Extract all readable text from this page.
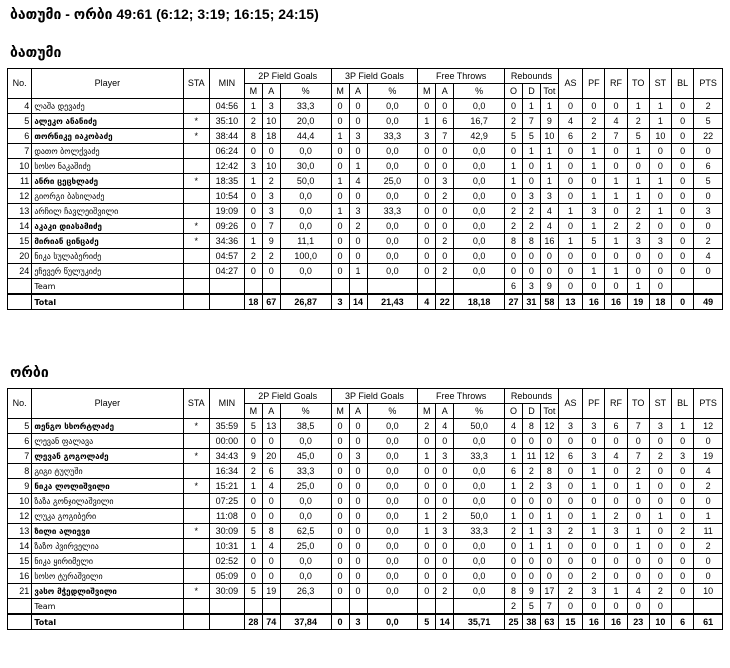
ბათუმი - ორბი 49:61 (6:12; 3:19; 16:15; 24:15)
ბათუმი
No.	Player	STA	MIN	2P Field Goals			3P Field Goals			Free Throws			Rebounds			AS	PF	RF	TO	ST	BL	PTS
				M	A	%	M	A	%	M	A	%	O	D	Tot							
4	ლაშა დევაძე		04:56	1	3	33,3	0	0	0,0	0	0	0,0	0	1	1	0	0	0	1	1	0	2
5	ალეკო ანანიძე	*	35:10	2	10	20,0	0	0	0,0	1	6	16,7	2	7	9	4	2	4	2	1	0	5
6	თორნიკე იაკობაძე	*	38:44	8	18	44,4	1	3	33,3	3	7	42,9	5	5	10	6	2	7	5	10	0	22
7	დათო ბოლქვაძე		06:24	0	0	0,0	0	0	0,0	0	0	0,0	0	1	1	0	1	0	1	0	0	0
10	სოსო ნაკაშიძე		12:42	3	10	30,0	0	1	0,0	0	0	0,0	1	0	1	0	1	0	0	0	0	6
11	ანრი ცეცხლაძე	*	18:35	1	2	50,0	1	4	25,0	0	3	0,0	1	0	1	0	0	1	1	1	0	5
12	გიორგი ბასილაძე		10:54	0	3	0,0	0	0	0,0	0	2	0,0	0	3	3	0	1	1	1	0	0	0
13	არჩილ ჩავლეიშვილი		19:09	0	3	0,0	1	3	33,3	0	0	0,0	2	2	4	1	3	0	2	1	0	3
14	აკაკი დიასამიძე	*	09:26	0	7	0,0	0	2	0,0	0	0	0,0	2	2	4	0	1	2	2	0	0	0
15	მირიან ცინცაძე	*	34:36	1	9	11,1	0	0	0,0	0	2	0,0	8	8	16	1	5	1	3	3	0	2
20	ნიკა სულაბერიძე		04:57	2	2	100,0	0	0	0,0	0	0	0,0	0	0	0	0	0	0	0	0	0	4
24	ეჩევერ წულუკიძე		04:27	0	0	0,0	0	1	0,0	0	2	0,0	0	0	0	0	1	1	0	0	0	0
	Team												6	3	9	0	0	0	1	0		
	Total			18	67	26,87	3	14	21,43	4	22	18,18	27	31	58	13	16	16	19	18	0	49
ორბი
No.	Player	STA	MIN	2P Field Goals			3P Field Goals			Free Throws			Rebounds			AS	PF	RF	TO	ST	BL	PTS
				M	A	%	M	A	%	M	A	%	O	D	Tot							
5	თენგო სხორტლაძე	*	35:59	5	13	38,5	0	0	0,0	2	4	50,0	4	8	12	3	3	6	7	3	1	12
6	ლევან ფალავა		00:00	0	0	0,0	0	0	0,0	0	0	0,0	0	0	0	0	0	0	0	0	0	0
7	ლევან გოგოლაძე	*	34:43	9	20	45,0	0	3	0,0	1	3	33,3	1	11	12	6	3	4	7	2	3	19
8	გიგი ტუღუში		16:34	2	6	33,3	0	0	0,0	0	0	0,0	6	2	8	0	1	0	2	0	0	4
9	ნიკა ლოლიშვილი	*	15:21	1	4	25,0	0	0	0,0	0	0	0,0	1	2	3	0	1	0	1	0	0	2
10	ზაზა გონჯილაშვილი		07:25	0	0	0,0	0	0	0,0	0	0	0,0	0	0	0	0	0	0	0	0	0	0
12	ლუკა გოგიბერი		11:08	0	0	0,0	0	0	0,0	1	2	50,0	1	0	1	0	1	2	0	1	0	1
13	ზილი ალიევი	*	30:09	5	8	62,5	0	0	0,0	1	3	33,3	2	1	3	2	1	3	1	0	2	11
14	ზაზო პვირველია		10:31	1	4	25,0	0	0	0,0	0	0	0,0	0	1	1	0	0	0	1	0	0	2
15	ნიკა ყირიმელი		02:52	0	0	0,0	0	0	0,0	0	0	0,0	0	0	0	0	0	0	0	0	0	0
16	სოსო ტურაშვილი		05:09	0	0	0,0	0	0	0,0	0	0	0,0	0	0	0	0	2	0	0	0	0	0
21	ვასო მჭედლიშვილი	*	30:09	5	19	26,3	0	0	0,0	0	2	0,0	8	9	17	2	3	1	4	2	0	10
	Team												2	5	7	0	0	0	0	0		
	Total			28	74	37,84	0	3	0,0	5	14	35,71	25	38	63	15	16	16	23	10	6	61
